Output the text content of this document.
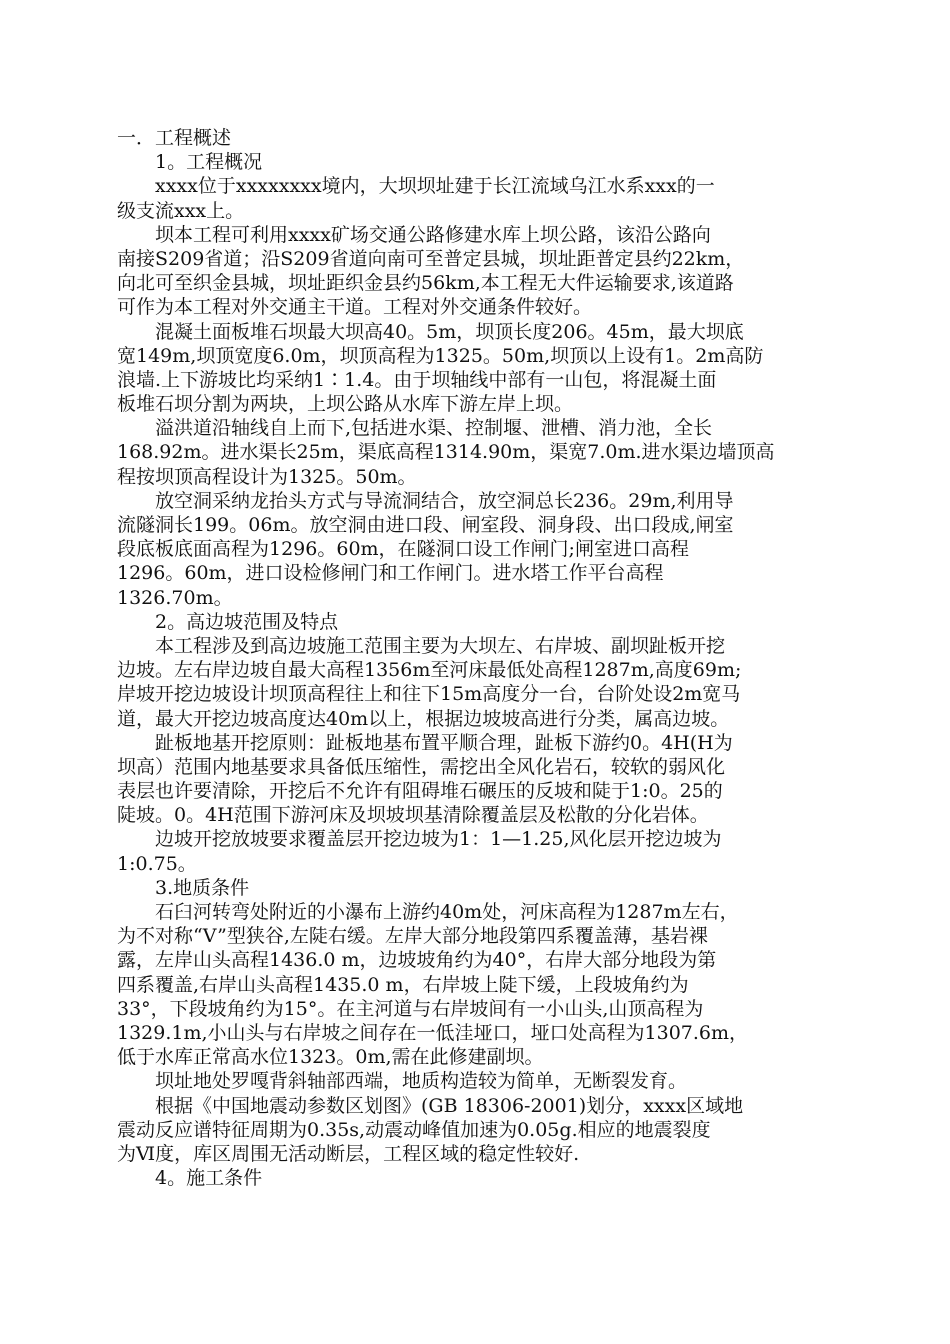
一．工程概述
1。工程概况
xxxx位于xxxxxxxx境内，大坝坝址建于长江流域乌江水系xxx的一
级支流xxx上。
坝本工程可利用xxxx矿场交通公路修建水库上坝公路，该沿公路向
南接S209省道；沿S209省道向南可至普定县城，坝址距普定县约22km，
向北可至织金县城，坝址距织金县约56km,本工程无大件运输要求,该道路
可作为本工程对外交通主干道。工程对外交通条件较好。
混凝土面板堆石坝最大坝高40。5m，坝顶长度206。45m，最大坝底
宽149m,坝顶宽度6.0m，坝顶高程为1325。50m,坝顶以上设有1。2m高防
浪墙.上下游坡比均采纳1∶1.4。由于坝轴线中部有一山包，将混凝土面
板堆石坝分割为两块，上坝公路从水库下游左岸上坝。
溢洪道沿轴线自上而下,包括进水渠、控制堰、泄槽、消力池，全长
168.92m。进水渠长25m，渠底高程1314.90m，渠宽7.0m.进水渠边墙顶高
程按坝顶高程设计为1325。50m。
放空洞采纳龙抬头方式与导流洞结合，放空洞总长236。29m,利用导
流隧洞长199。06m。放空洞由进口段、闸室段、洞身段、出口段成,闸室
段底板底面高程为1296。60m，在隧洞口设工作闸门;闸室进口高程
1296。60m，进口设检修闸门和工作闸门。进水塔工作平台高程
1326.70m。
2。高边坡范围及特点
本工程涉及到高边坡施工范围主要为大坝左、右岸坡、副坝趾板开挖
边坡。左右岸边坡自最大高程1356m至河床最低处高程1287m,高度69m;
岸坡开挖边坡设计坝顶高程往上和往下15m高度分一台，台阶处设2m宽马
道，最大开挖边坡高度达40m以上，根据边坡坡高进行分类，属高边坡。
趾板地基开挖原则：趾板地基布置平顺合理，趾板下游约0。4H(H为
坝高）范围内地基要求具备低压缩性，需挖出全风化岩石，较软的弱风化
表层也许要清除，开挖后不允许有阻碍堆石碾压的反坡和陡于1:0。25的
陡坡。0。4H范围下游河床及坝坡坝基清除覆盖层及松散的分化岩体。
边坡开挖放坡要求覆盖层开挖边坡为1：1—1.25,风化层开挖边坡为
1:0.75。
3.地质条件
石臼河转弯处附近的小瀑布上游约40m处，河床高程为1287m左右，
为不对称“V”型狭谷,左陡右缓。左岸大部分地段第四系覆盖薄，基岩裸
露，左岸山头高程1436.0 m，边坡坡角约为40°，右岸大部分地段为第
四系覆盖,右岸山头高程1435.0 m，右岸坡上陡下缓，上段坡角约为
33°，下段坡角约为15°。在主河道与右岸坡间有一小山头,山顶高程为
1329.1m,小山头与右岸坡之间存在一低洼垭口，垭口处高程为1307.6m，
低于水库正常高水位1323。0m,需在此修建副坝。
坝址地处罗嘎背斜轴部西端，地质构造较为简单，无断裂发育。
根据《中国地震动参数区划图》(GB 18306-2001)划分，xxxx区域地
震动反应谱特征周期为0.35s,动震动峰值加速为0.05g.相应的地震裂度
为Ⅵ度，库区周围无活动断层，工程区域的稳定性较好.
4。施工条件
